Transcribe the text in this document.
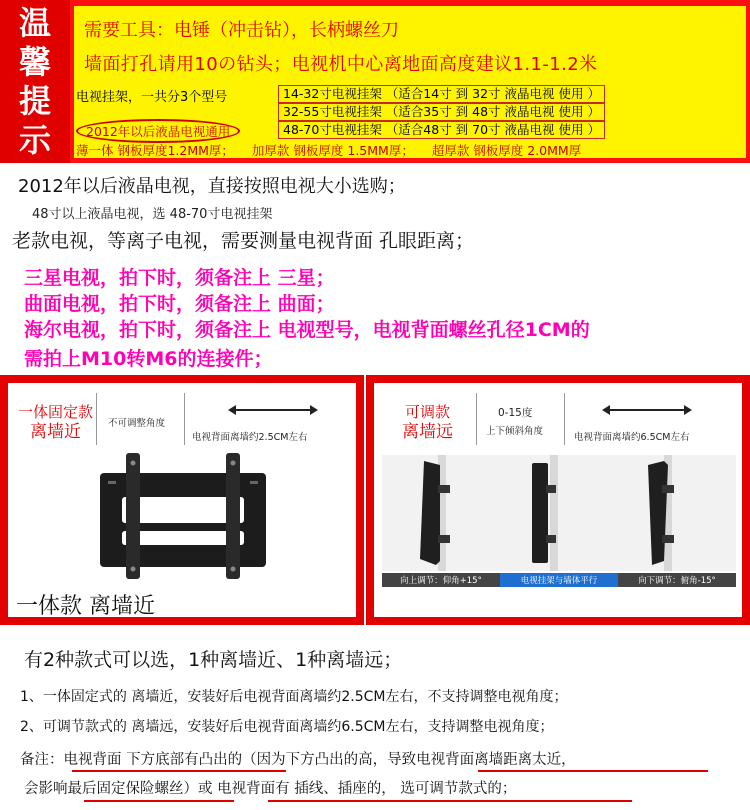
温
馨
提
示
需要工具：电锤（冲击钻），长柄螺丝刀
墙面打孔请用10の钻头；电视机中心离地面高度建议1.1-1.2米
电视挂架，一共分3个型号	14-32寸电视挂架 （适合14寸 到 32寸 液晶电视 使用 ）
32-55寸电视挂架 （适合35寸 到 48寸 液晶电视 使用 ）
48-70寸电视挂架 （适合48寸 到 70寸 液晶电视 使用 ）
2012年以后液晶电视通用
薄一体 钢板厚度1.2MM厚； 加厚款 钢板厚度 1.5MM厚； 超厚款 钢板厚度 2.0MM厚
2012年以后液晶电视，直接按照电视大小选购；
48寸以上液晶电视，选 48-70寸电视挂架
老款电视，等离子电视，需要测量电视背面 孔眼距离；
三星电视，拍下时，须备注上 三星；
曲面电视，拍下时，须备注上 曲面；
海尔电视，拍下时，须备注上 电视型号，电视背面螺丝孔径1CM的
需拍上M10转M6的连接件；
一体固定款
离墙近	不可调整角度
电视背面离墙约2.5CM左右
一体款 离墙近
可调款
离墙远
0-15度
上下倾斜角度
电视背面离墙约6.5CM左右
向上调节：仰角+15°	电视挂架与墙体平行	向下调节：俯角-15°
有2种款式可以选，1种离墙近、1种离墙远；
1、一体固定式的 离墙近，安装好后电视背面离墙约2.5CM左右，不支持调整电视角度；
2、可调节款式的 离墙远，安装好后电视背面离墙约6.5CM左右，支持调整电视角度；
备注：电视背面 下方底部有凸出的（因为下方凸出的高，导致电视背面离墙距离太近，
会影响最后固定保险螺丝）或 电视背面有 插线、插座的， 选可调节款式的；
